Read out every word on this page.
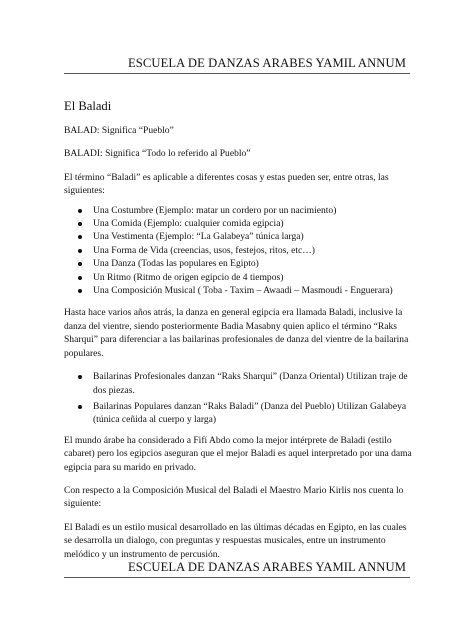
ESCUELA DE DANZAS ARABES YAMIL ANNUM
El Baladi

BALAD: Significa “Pueblo”

BALADI: Significa “Todo lo referido al Pueblo”

El término “Baladi” es aplicable a diferentes cosas y estas pueden ser, entre otras, las siguientes:

Una Costumbre (Ejemplo: matar un cordero por un nacimiento)
Una Comida (Ejemplo: cualquier comida egipcia)
Una Vestimenta (Ejemplo: “La Galabeya” túnica larga)
Una Forma de Vida (creencias, usos, festejos, ritos, etc…)
Una Danza (Todas las populares en Egipto)
Un Ritmo (Ritmo de origen egipcio de 4 tiempos)
Una Composición Musical ( Toba - Taxim – Awaadi – Masmoudi - Enguerara)

Hasta hace varios años atrás, la danza en general egipcia era llamada Baladi, inclusive la danza del vientre, siendo posteriormente Badia Masabny quien aplico el término “Raks Sharqui” para diferenciar a las bailarinas profesionales de danza del vientre de la bailarina populares.

Bailarinas Profesionales danzan “Raks Sharqui” (Danza Oriental) Utilizan traje de dos piezas.
Bailarinas Populares danzan “Raks Baladi” (Danza del Pueblo) Utilizan Galabeya (túnica ceñida al cuerpo y larga)

El mundo árabe ha considerado a Fifí Abdo como la mejor intérprete de Baladi (estilo cabaret) pero los egipcios aseguran que el mejor Baladi es aquel interpretado por una dama egipcia para su marido en privado.

Con respecto a la Composición Musical del Baladi el Maestro Mario Kirlis nos cuenta lo siguiente:

El Baladi es un estilo musical desarrollado en las últimas décadas en Egipto, en las cuales se desarrolla un dialogo, con preguntas y respuestas musicales, entre un instrumento melódico y un instrumento de percusión.

ESCUELA DE DANZAS ARABES YAMIL ANNUM
